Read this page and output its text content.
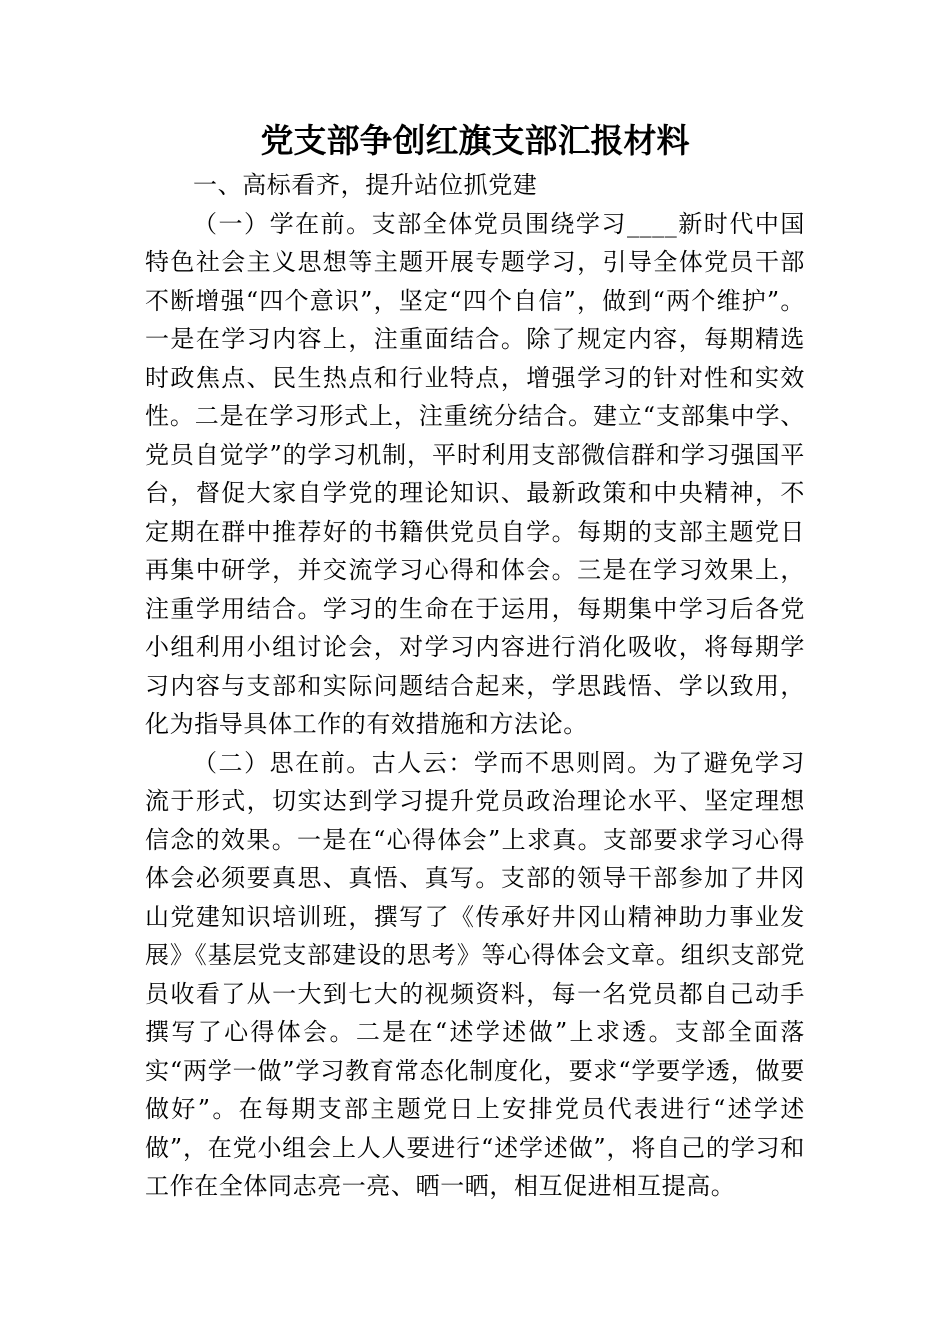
党支部争创红旗支部汇报材料

一、高标看齐，提升站位抓党建

（一）学在前。支部全体党员围绕学习____新时代中国特色社会主义思想等主题开展专题学习，引导全体党员干部不断增强“四个意识”，坚定“四个自信”，做到“两个维护”。一是在学习内容上，注重面结合。除了规定内容，每期精选时政焦点、民生热点和行业特点，增强学习的针对性和实效性。二是在学习形式上，注重统分结合。建立“支部集中学、党员自觉学”的学习机制，平时利用支部微信群和学习强国平台，督促大家自学党的理论知识、最新政策和中央精神，不定期在群中推荐好的书籍供党员自学。每期的支部主题党日再集中研学，并交流学习心得和体会。三是在学习效果上，注重学用结合。学习的生命在于运用，每期集中学习后各党小组利用小组讨论会，对学习内容进行消化吸收，将每期学习内容与支部和实际问题结合起来，学思践悟、学以致用，化为指导具体工作的有效措施和方法论。

（二）思在前。古人云：学而不思则罔。为了避免学习流于形式，切实达到学习提升党员政治理论水平、坚定理想信念的效果。一是在“心得体会”上求真。支部要求学习心得体会必须要真思、真悟、真写。支部的领导干部参加了井冈山党建知识培训班，撰写了《传承好井冈山精神助力事业发展》《基层党支部建设的思考》等心得体会文章。组织支部党员收看了从一大到七大的视频资料，每一名党员都自己动手撰写了心得体会。二是在“述学述做”上求透。支部全面落实“两学一做”学习教育常态化制度化，要求“学要学透，做要做好”。在每期支部主题党日上安排党员代表进行“述学述做”，在党小组会上人人要进行“述学述做”，将自己的学习和工作在全体同志亮一亮、晒一晒，相互促进相互提高。
